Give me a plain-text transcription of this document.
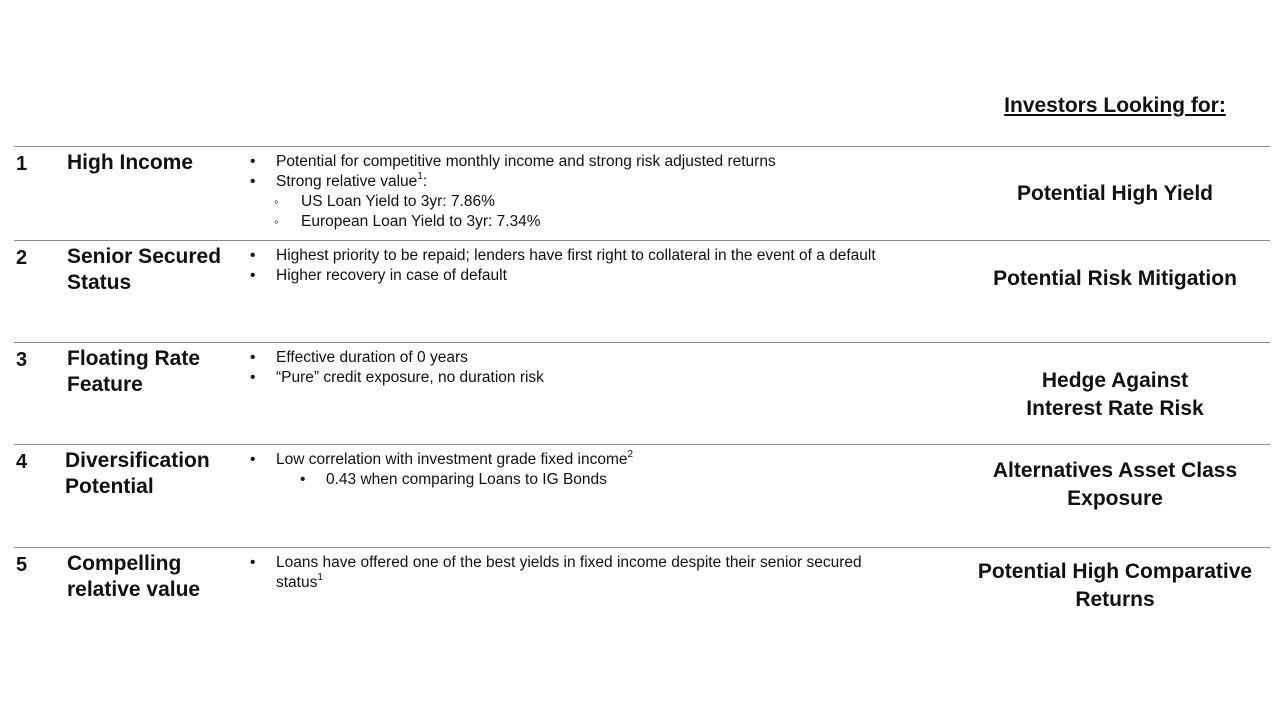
Investors Looking for:
1 High Income
•	Potential for competitive monthly income and strong risk adjusted returns
• Strong relative value$^1$:
◦ US Loan Yield to 3yr: 7.86%
◦ European Loan Yield to 3yr: 7.34%
Potential High Yield
2 Senior Secured Status
• Highest priority to be repaid; lenders have first right to collateral in the event of a default
• Higher recovery in case of default	Potential Risk Mitigation
3 Floating Rate Feature
• Effective duration of 0 years
• “Pure” credit exposure, no duration risk	Hedge Against
Interest Rate Risk
4 Diversification Potential
• Low correlation with investment grade fixed income$^2$
• 0.43 when comparing Loans to IG Bonds	Alternatives Asset Class
Exposure
5 Compelling relative value
• Loans have offered one of the best yields in fixed income despite their senior secured status$^1$	Potential High Comparative
Returns
